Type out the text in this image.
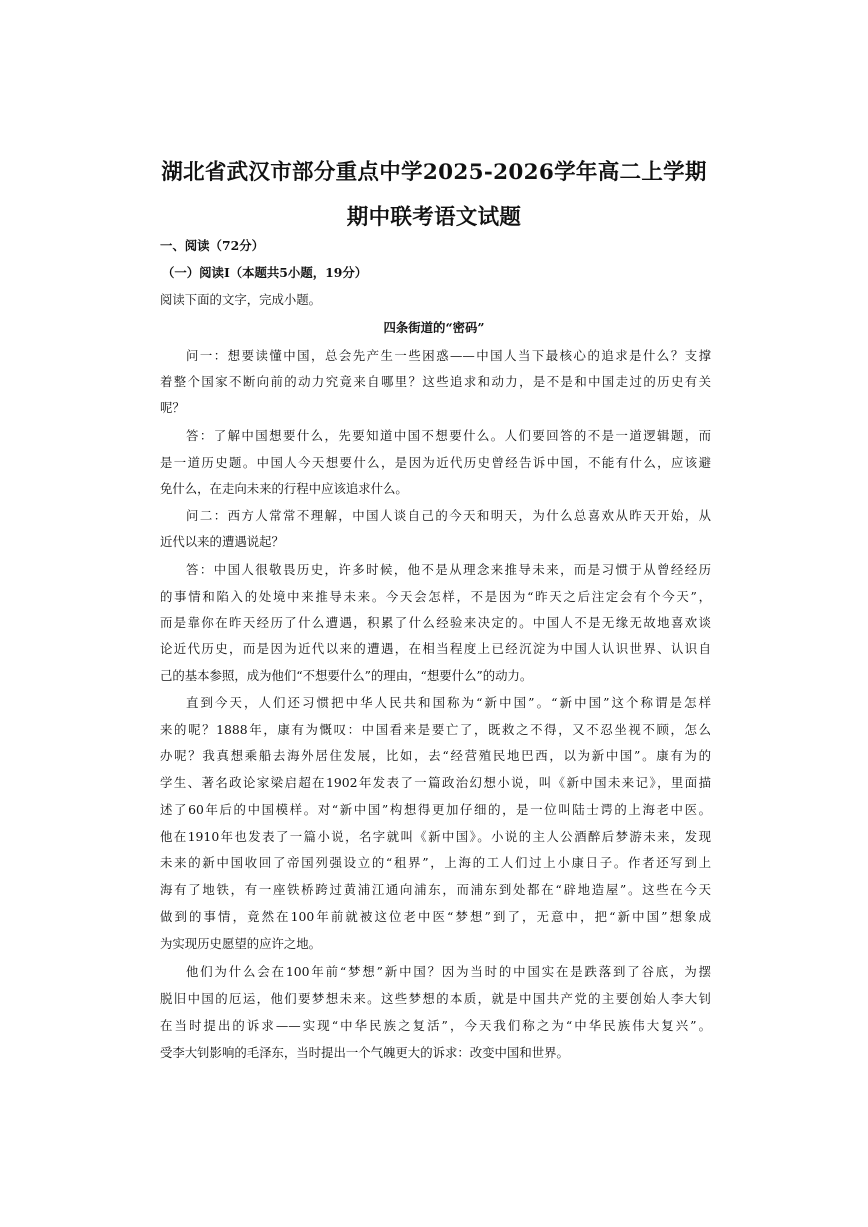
湖北省武汉市部分重点中学2025-2026学年高二上学期
期中联考语文试题
一、阅读（72分）
（一）阅读Ⅰ（本题共5小题，19分）
阅读下面的文字，完成小题。
四条街道的“密码”
问一：想要读懂中国，总会先产生一些困惑——中国人当下最核心的追求是什么？支撑
着整个国家不断向前的动力究竟来自哪里？这些追求和动力，是不是和中国走过的历史有关
呢？
答：了解中国想要什么，先要知道中国不想要什么。人们要回答的不是一道逻辑题，而
是一道历史题。中国人今天想要什么，是因为近代历史曾经告诉中国，不能有什么，应该避
免什么，在走向未来的行程中应该追求什么。
问二：西方人常常不理解，中国人谈自己的今天和明天，为什么总喜欢从昨天开始，从
近代以来的遭遇说起？
答：中国人很敬畏历史，许多时候，他不是从理念来推导未来，而是习惯于从曾经经历
的事情和陷入的处境中来推导未来。今天会怎样，不是因为“昨天之后注定会有个今天”，
而是靠你在昨天经历了什么遭遇，积累了什么经验来决定的。中国人不是无缘无故地喜欢谈
论近代历史，而是因为近代以来的遭遇，在相当程度上已经沉淀为中国人认识世界、认识自
己的基本参照，成为他们“不想要什么”的理由，“想要什么”的动力。
直到今天，人们还习惯把中华人民共和国称为“新中国”。“新中国”这个称谓是怎样
来的呢？1888年，康有为慨叹：中国看来是要亡了，既救之不得，又不忍坐视不顾，怎么
办呢？我真想乘船去海外居住发展，比如，去“经营殖民地巴西，以为新中国”。康有为的
学生、著名政论家梁启超在1902年发表了一篇政治幻想小说，叫《新中国未来记》，里面描
述了60年后的中国模样。对“新中国”构想得更加仔细的，是一位叫陆士谔的上海老中医。
他在1910年也发表了一篇小说，名字就叫《新中国》。小说的主人公酒醉后梦游未来，发现
未来的新中国收回了帝国列强设立的“租界”，上海的工人们过上小康日子。作者还写到上
海有了地铁，有一座铁桥跨过黄浦江通向浦东，而浦东到处都在“辟地造屋”。这些在今天
做到的事情，竟然在100年前就被这位老中医“梦想”到了，无意中，把“新中国”想象成
为实现历史愿望的应许之地。
他们为什么会在100年前“梦想”新中国？因为当时的中国实在是跌落到了谷底，为摆
脱旧中国的厄运，他们要梦想未来。这些梦想的本质，就是中国共产党的主要创始人李大钊
在当时提出的诉求——实现“中华民族之复活”，今天我们称之为“中华民族伟大复兴”。
受李大钊影响的毛泽东，当时提出一个气魄更大的诉求：改变中国和世界。
